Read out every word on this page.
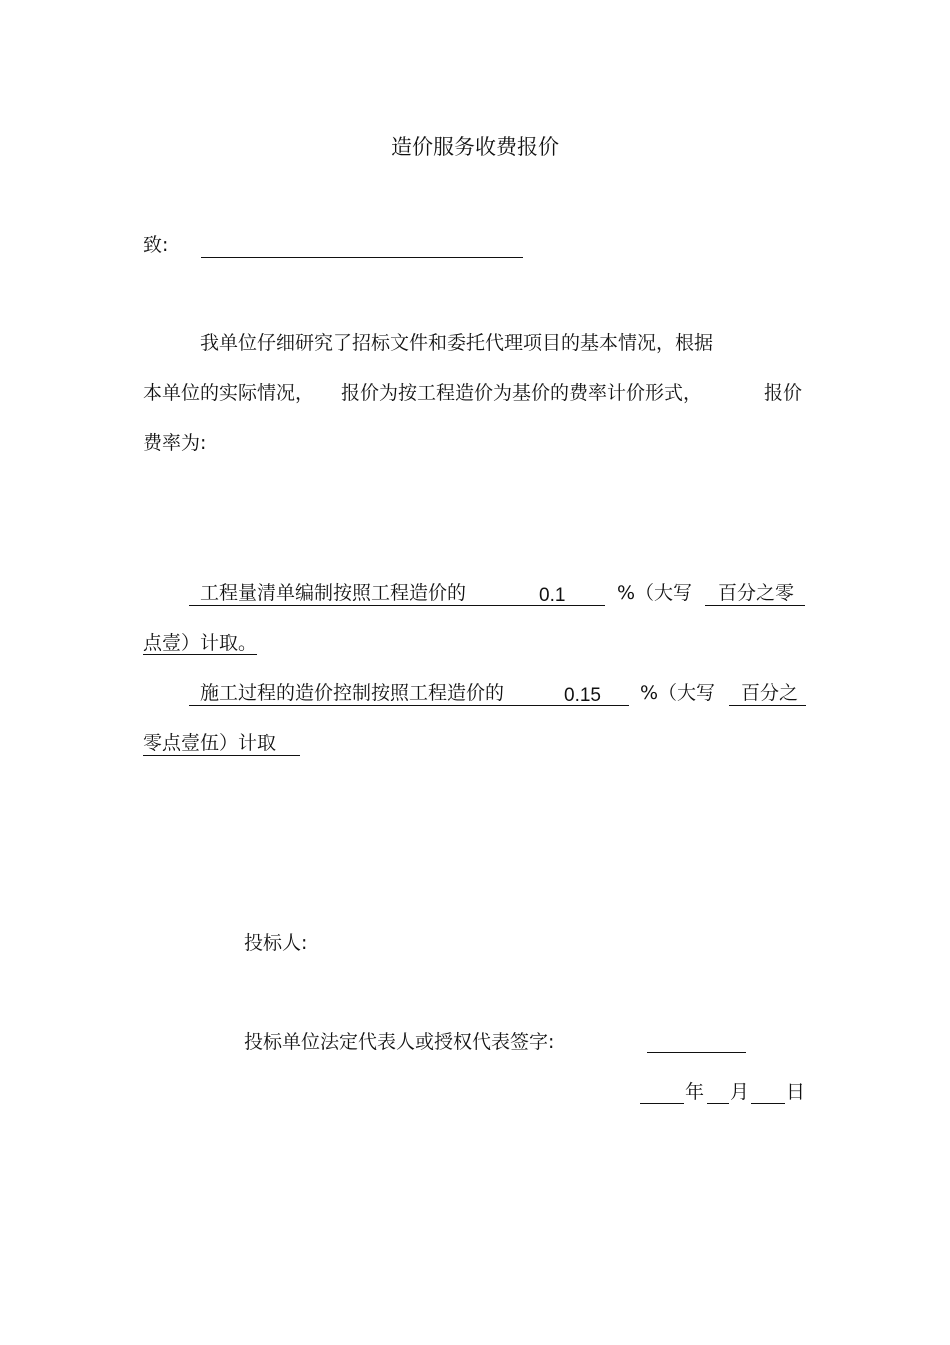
造价服务收费报价
致:
我单位仔细研究了招标文件和委托代理项目的基本情况，根据
本单位的实际情况， 报价为按工程造价为基价的费率计价形式，	报价
费率为:
工程量清单编制按照工程造价的	0.1	%（大写 百分之零
点壹）计取。
施工过程的造价控制按照工程造价的	0.15 %（大写 百分之
零点壹伍）计取
投标人:
投标单位法定代表人或授权代表签字:
年 月 日
